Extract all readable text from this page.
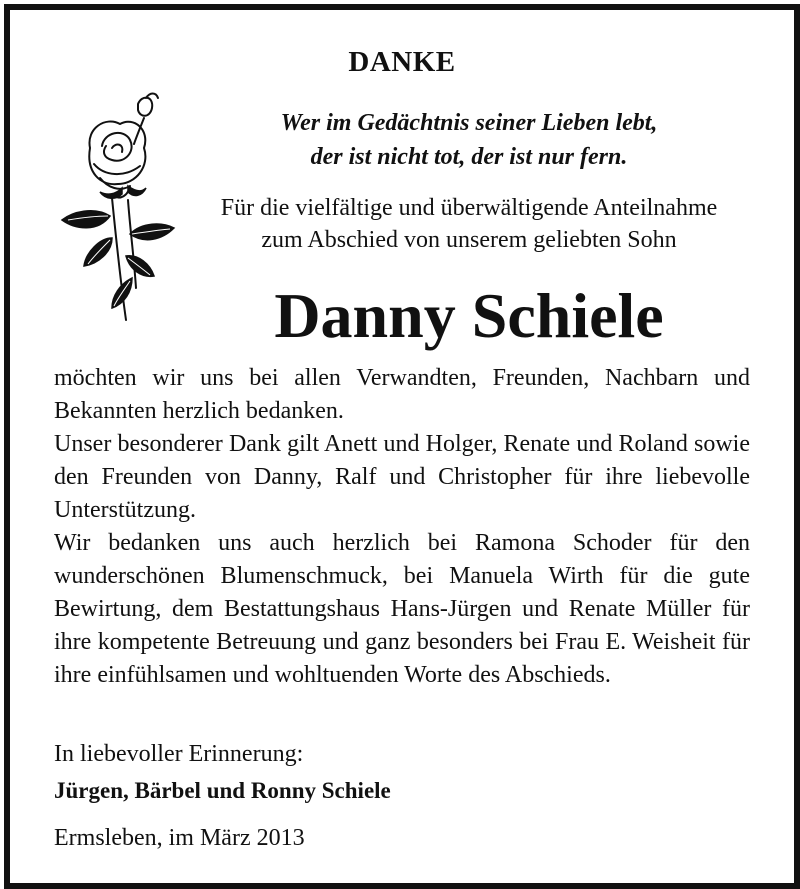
DANKE
Wer im Gedächtnis seiner Lieben lebt,
der ist nicht tot, der ist nur fern.
Für die vielfältige und überwältigende Anteilnahme
zum Abschied von unserem geliebten Sohn
Danny Schiele

möchten wir uns bei allen Verwandten, Freunden, Nachbarn und Bekannten herzlich bedanken.

Unser besonderer Dank gilt Anett und Holger, Renate und Roland sowie den Freunden von Danny, Ralf und Christopher für ihre liebevolle Unterstützung.

Wir bedanken uns auch herzlich bei Ramona Schoder für den wunderschönen Blumenschmuck, bei Manuela Wirth für die gute Bewirtung, dem Bestattungshaus Hans-Jürgen und Renate Müller für ihre kompetente Betreuung und ganz besonders bei Frau E. Weisheit für ihre einfühlsamen und wohltuenden Worte des Abschieds.

In liebevoller Erinnerung:
Jürgen, Bärbel und Ronny Schiele
Ermsleben, im März 2013
